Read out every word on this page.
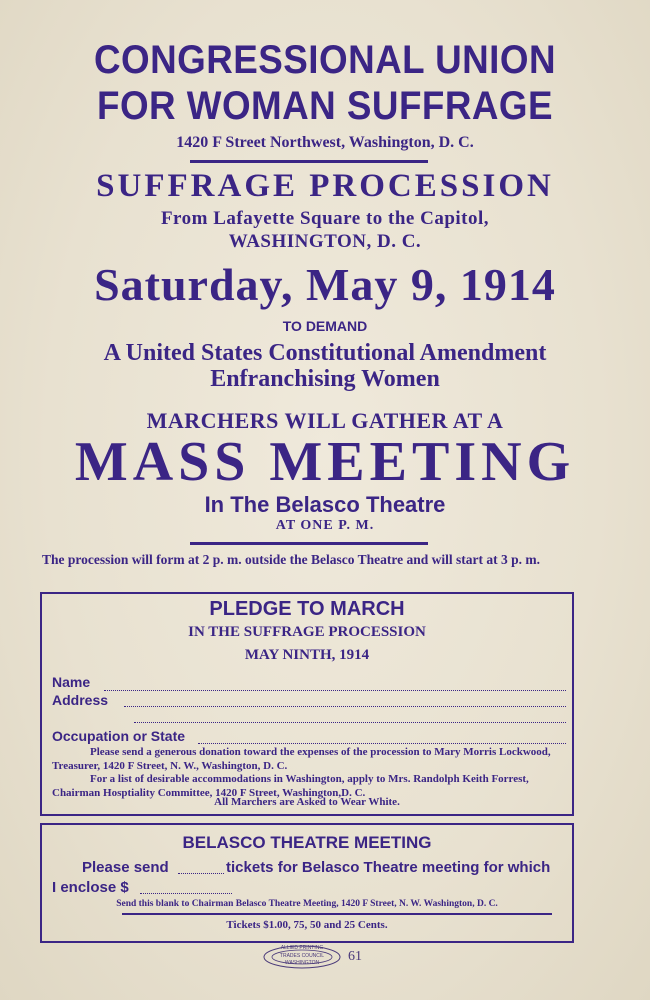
CONGRESSIONAL UNION
FOR WOMAN SUFFRAGE
1420 F Street Northwest, Washington, D. C.
SUFFRAGE PROCESSION
From Lafayette Square to the Capitol,
WASHINGTON, D. C.
Saturday, May 9, 1914
TO DEMAND
A United States Constitutional Amendment
Enfranchising Women
MARCHERS WILL GATHER AT A
MASS MEETING
In The Belasco Theatre
AT ONE P. M.
The procession will form at 2 p. m. outside the Belasco Theatre and will start at 3 p. m.
PLEDGE TO MARCH
IN THE SUFFRAGE PROCESSION
MAY NINTH, 1914
Name
Address
Occupation or State
Please send a generous donation toward the expenses of the procession to Mary Morris Lockwood, Treasurer, 1420 F Street, N. W., Washington, D. C.
For a list of desirable accommodations in Washington, apply to Mrs. Randolph Keith Forrest, Chairman Hosptiality Committee, 1420 F Street, Washington,D. C.
All Marchers are Asked to Wear White.
BELASCO THEATRE MEETING
Please send	tickets for Belasco Theatre meeting for which
I enclose $
Send this blank to Chairman Belasco Theatre Meeting, 1420 F Street, N. W. Washington, D. C.
Tickets $1.00, 75, 50 and 25 Cents.
ALLIED PRINTING
TRADES COUNCIL
WASHINGTON	61
